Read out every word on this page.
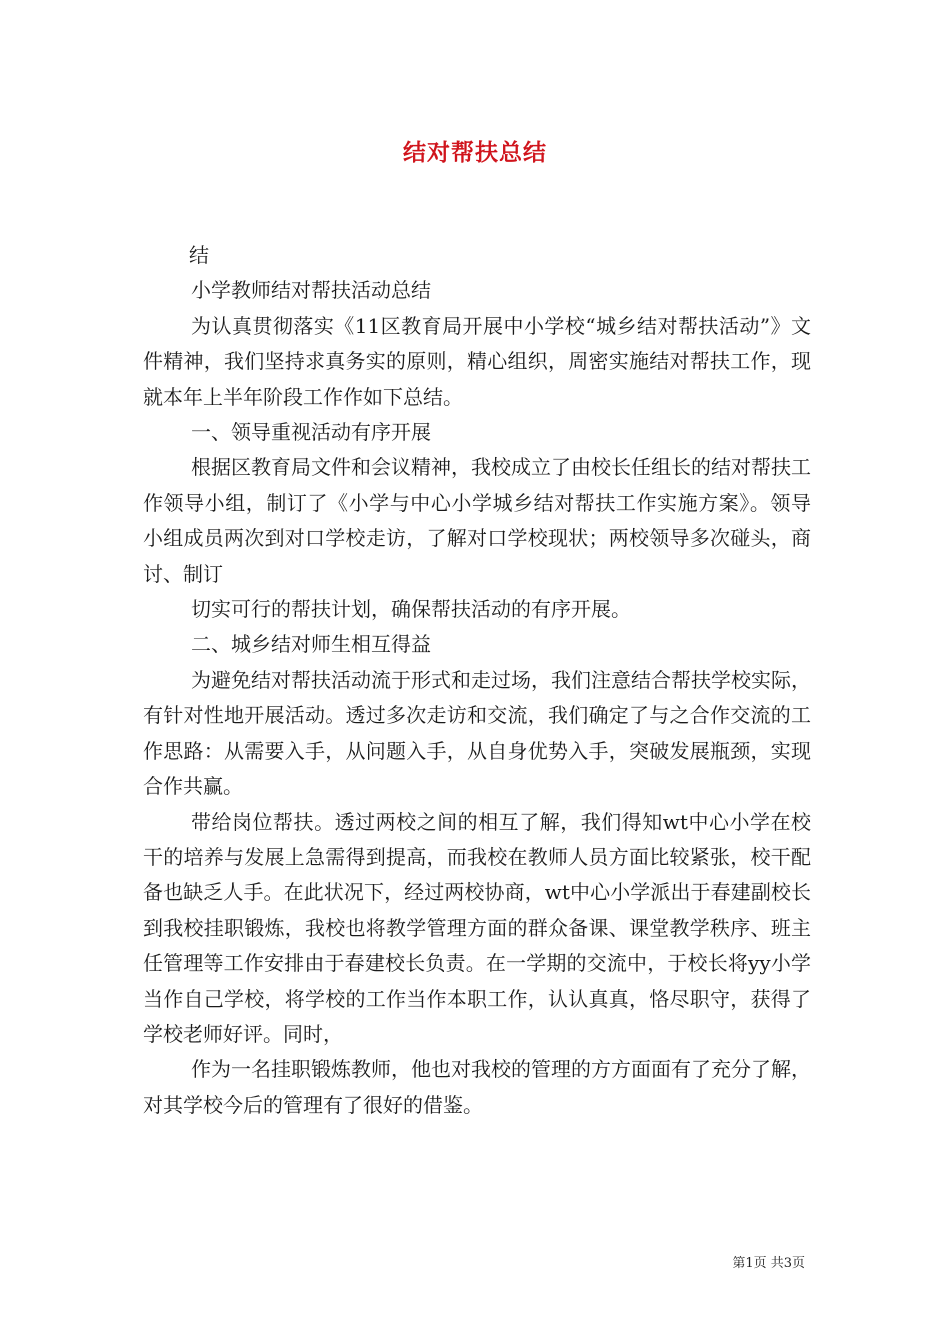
结对帮扶总结

结

小学教师结对帮扶活动总结

为认真贯彻落实《11区教育局开展中小学校“城乡结对帮扶活动”》文件精神，我们坚持求真务实的原则，精心组织，周密实施结对帮扶工作，现就本年上半年阶段工作作如下总结。

一、领导重视活动有序开展

根据区教育局文件和会议精神，我校成立了由校长任组长的结对帮扶工作领导小组，制订了《小学与中心小学城乡结对帮扶工作实施方案》。领导小组成员两次到对口学校走访，了解对口学校现状；两校领导多次碰头，商讨、制订

切实可行的帮扶计划，确保帮扶活动的有序开展。

二、城乡结对师生相互得益

为避免结对帮扶活动流于形式和走过场，我们注意结合帮扶学校实际，有针对性地开展活动。透过多次走访和交流，我们确定了与之合作交流的工作思路：从需要入手，从问题入手，从自身优势入手，突破发展瓶颈，实现合作共赢。

带给岗位帮扶。透过两校之间的相互了解，我们得知wt中心小学在校干的培养与发展上急需得到提高，而我校在教师人员方面比较紧张，校干配备也缺乏人手。在此状况下，经过两校协商，wt中心小学派出于春建副校长到我校挂职锻炼，我校也将教学管理方面的群众备课、课堂教学秩序、班主任管理等工作安排由于春建校长负责。在一学期的交流中，于校长将yy小学当作自己学校，将学校的工作当作本职工作，认认真真，恪尽职守，获得了学校老师好评。同时，

作为一名挂职锻炼教师，他也对我校的管理的方方面面有了充分了解，对其学校今后的管理有了很好的借鉴。

第1页 共3页
